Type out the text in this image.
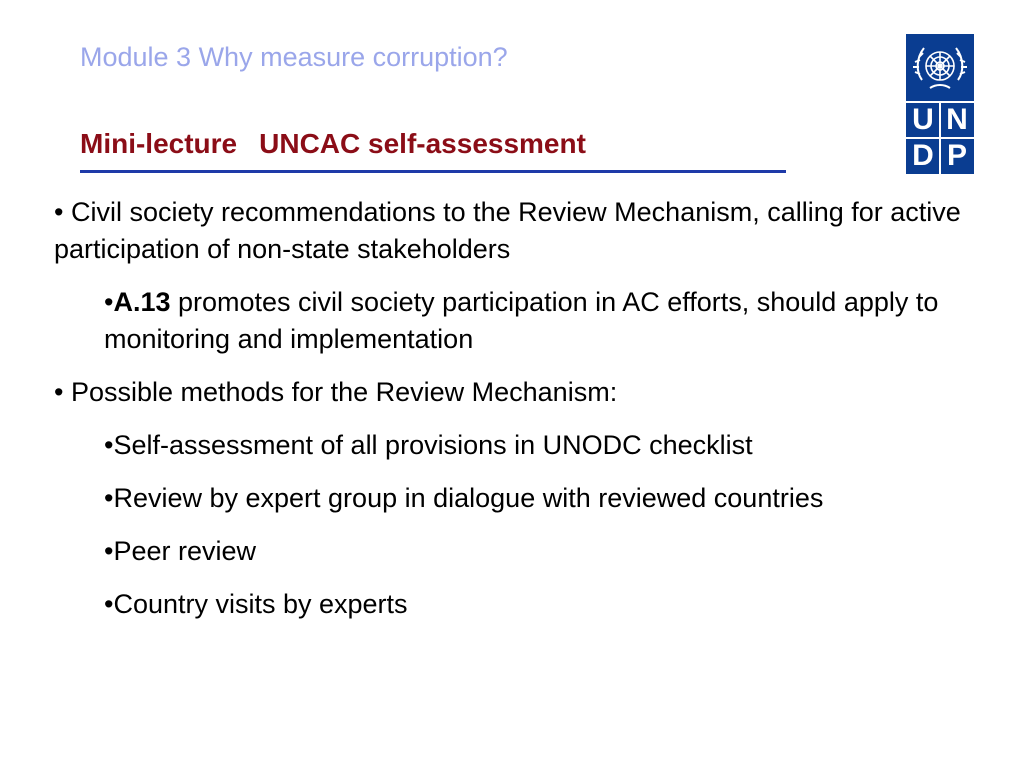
Module 3 Why measure corruption?
Mini-lecture UNCAC self-assessment
U N
D P
• Civil society recommendations to the Review Mechanism, calling for active participation of non-state stakeholders
•A.13 promotes civil society participation in AC efforts, should apply to monitoring and implementation
• Possible methods for the Review Mechanism:
•Self-assessment of all provisions in UNODC checklist
•Review by expert group in dialogue with reviewed countries
•Peer review
•Country visits by experts
